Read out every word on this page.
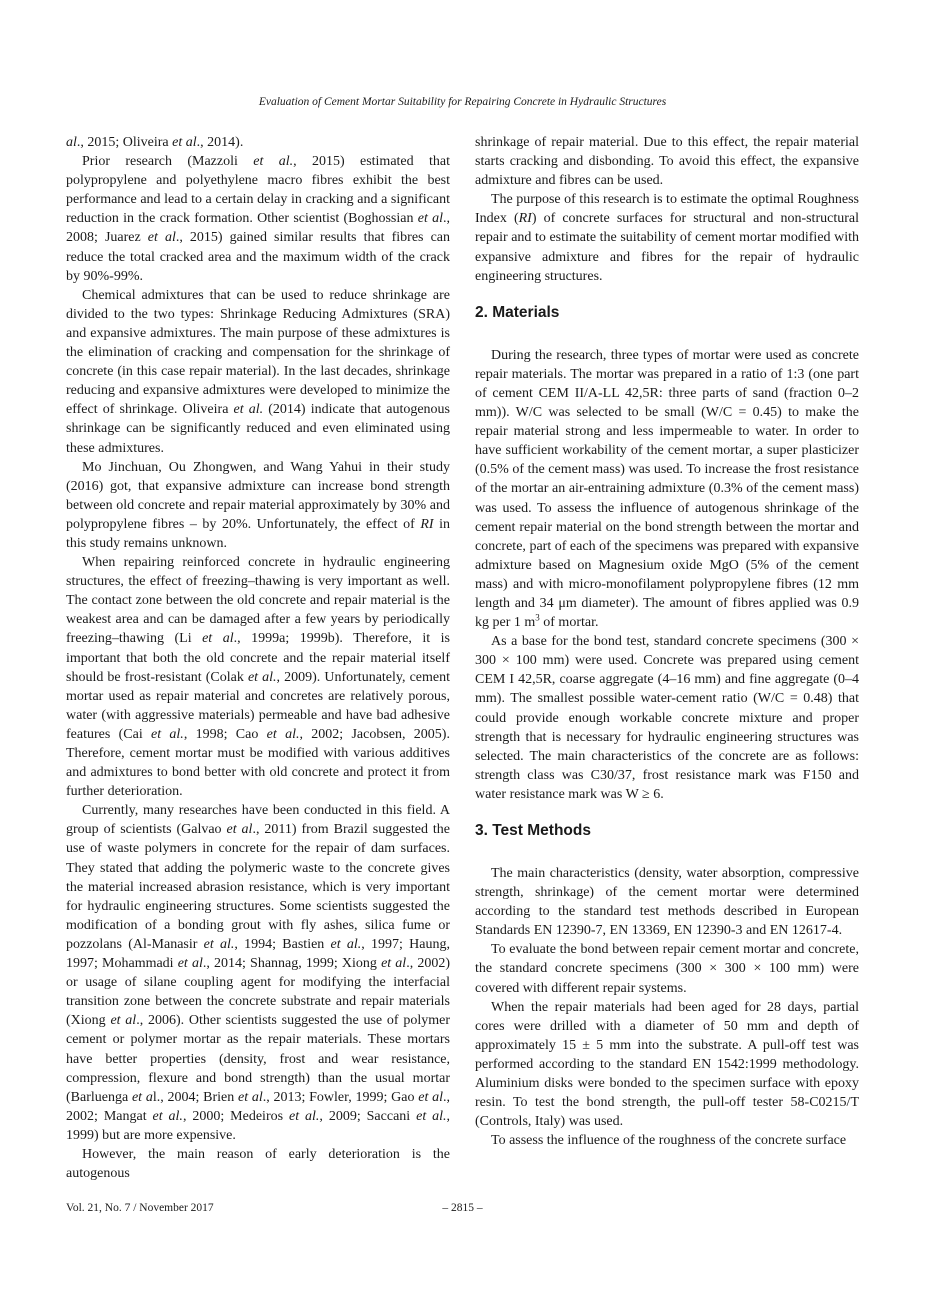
Evaluation of Cement Mortar Suitability for Repairing Concrete in Hydraulic Structures

al., 2015; Oliveira et al., 2014).

Prior research (Mazzoli et al., 2015) estimated that polypropylene and polyethylene macro fibres exhibit the best performance and lead to a certain delay in cracking and a significant reduction in the crack formation. Other scientist (Boghossian et al., 2008; Juarez et al., 2015) gained similar results that fibres can reduce the total cracked area and the maximum width of the crack by 90%-99%.

Chemical admixtures that can be used to reduce shrinkage are divided to the two types: Shrinkage Reducing Admixtures (SRA) and expansive admixtures. The main purpose of these admixtures is the elimination of cracking and compensation for the shrinkage of concrete (in this case repair material). In the last decades, shrinkage reducing and expansive admixtures were developed to minimize the effect of shrinkage. Oliveira et al. (2014) indicate that autogenous shrinkage can be significantly reduced and even eliminated using these admixtures.

Mo Jinchuan, Ou Zhongwen, and Wang Yahui in their study (2016) got, that expansive admixture can increase bond strength between old concrete and repair material approximately by 30% and polypropylene fibres – by 20%. Unfortunately, the effect of RI in this study remains unknown.

When repairing reinforced concrete in hydraulic engineering structures, the effect of freezing–thawing is very important as well. The contact zone between the old concrete and repair material is the weakest area and can be damaged after a few years by periodically freezing–thawing (Li et al., 1999a; 1999b). Therefore, it is important that both the old concrete and the repair material itself should be frost-resistant (Colak et al., 2009). Unfortunately, cement mortar used as repair material and concretes are relatively porous, water (with aggressive materials) permeable and have bad adhesive features (Cai et al., 1998; Cao et al., 2002; Jacobsen, 2005). Therefore, cement mortar must be modified with various additives and admixtures to bond better with old concrete and protect it from further deterioration.

Currently, many researches have been conducted in this field. A group of scientists (Galvao et al., 2011) from Brazil suggested the use of waste polymers in concrete for the repair of dam surfaces. They stated that adding the polymeric waste to the concrete gives the material increased abrasion resistance, which is very important for hydraulic engineering structures. Some scientists suggested the modification of a bonding grout with fly ashes, silica fume or pozzolans (Al-Manasir et al., 1994; Bastien et al., 1997; Haung, 1997; Mohammadi et al., 2014; Shannag, 1999; Xiong et al., 2002) or usage of silane coupling agent for modifying the interfacial transition zone between the concrete substrate and repair materials (Xiong et al., 2006). Other scientists suggested the use of polymer cement or polymer mortar as the repair materials. These mortars have better properties (density, frost and wear resistance, compression, flexure and bond strength) than the usual mortar (Barluenga et al., 2004; Brien et al., 2013; Fowler, 1999; Gao et al., 2002; Mangat et al., 2000; Medeiros et al., 2009; Saccani et al., 1999) but are more expensive.

However, the main reason of early deterioration is the autogenous

shrinkage of repair material. Due to this effect, the repair material starts cracking and disbonding. To avoid this effect, the expansive admixture and fibres can be used.

The purpose of this research is to estimate the optimal Roughness Index (RI) of concrete surfaces for structural and non-structural repair and to estimate the suitability of cement mortar modified with expansive admixture and fibres for the repair of hydraulic engineering structures.

2. Materials

During the research, three types of mortar were used as concrete repair materials. The mortar was prepared in a ratio of 1:3 (one part of cement CEM II/A-LL 42,5R: three parts of sand (fraction 0–2 mm)). W/C was selected to be small (W/C = 0.45) to make the repair material strong and less impermeable to water. In order to have sufficient workability of the cement mortar, a super plasticizer (0.5% of the cement mass) was used. To increase the frost resistance of the mortar an air-entraining admixture (0.3% of the cement mass) was used. To assess the influence of autogenous shrinkage of the cement repair material on the bond strength between the mortar and concrete, part of each of the specimens was prepared with expansive admixture based on Magnesium oxide MgO (5% of the cement mass) and with micro-monofilament polypropylene fibres (12 mm length and 34 μm diameter). The amount of fibres applied was 0.9 kg per 1 $m^3$ of mortar.

As a base for the bond test, standard concrete specimens (300 × 300 × 100 mm) were used. Concrete was prepared using cement CEM I 42,5R, coarse aggregate (4–16 mm) and fine aggregate (0–4 mm). The smallest possible water-cement ratio (W/C = 0.48) that could provide enough workable concrete mixture and proper strength that is necessary for hydraulic engineering structures was selected. The main characteristics of the concrete are as follows: strength class was C30/37, frost resistance mark was F150 and water resistance mark was W ≥ 6.

3. Test Methods

The main characteristics (density, water absorption, compressive strength, shrinkage) of the cement mortar were determined according to the standard test methods described in European Standards EN 12390-7, EN 13369, EN 12390-3 and EN 12617-4.

To evaluate the bond between repair cement mortar and concrete, the standard concrete specimens (300 × 300 × 100 mm) were covered with different repair systems.

When the repair materials had been aged for 28 days, partial cores were drilled with a diameter of 50 mm and depth of approximately 15 ± 5 mm into the substrate. A pull-off test was performed according to the standard EN 1542:1999 methodology. Aluminium disks were bonded to the specimen surface with epoxy resin. To test the bond strength, the pull-off tester 58-C0215/T (Controls, Italy) was used.

To assess the influence of the roughness of the concrete surface

Vol. 21, No. 7 / November 2017	– 2815 –
